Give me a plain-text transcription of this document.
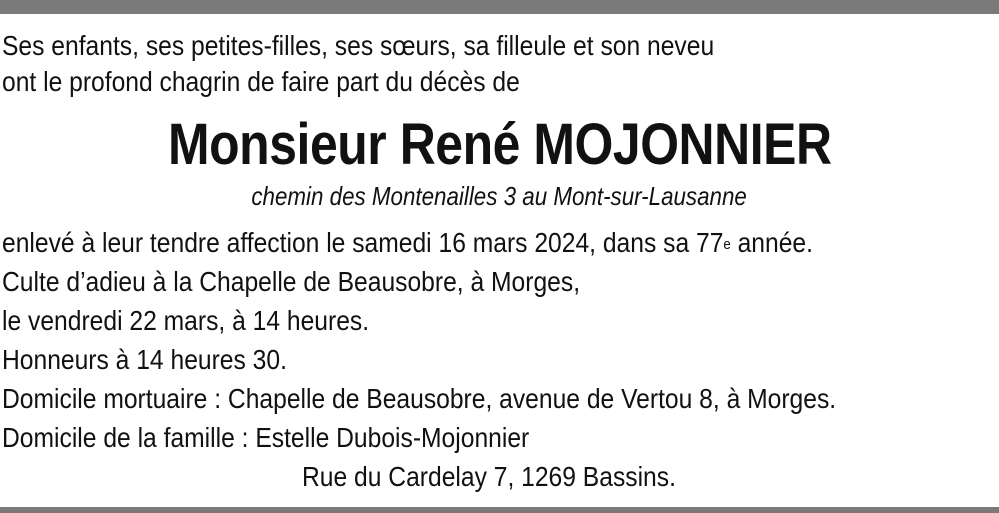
Ses enfants, ses petites-filles, ses sœurs, sa filleule et son neveu
ont le profond chagrin de faire part du décès de
Monsieur René MOJONNIER
chemin des Montenailles 3 au Mont-sur-Lausanne
enlevé à leur tendre affection le samedi 16 mars 2024, dans sa 77e année.
Culte d’adieu à la Chapelle de Beausobre, à Morges,
le vendredi 22 mars, à 14 heures.
Honneurs à 14 heures 30.
Domicile mortuaire : Chapelle de Beausobre, avenue de Vertou 8, à Morges.
Domicile de la famille : Estelle Dubois-Mojonnier
Rue du Cardelay 7, 1269 Bassins.
